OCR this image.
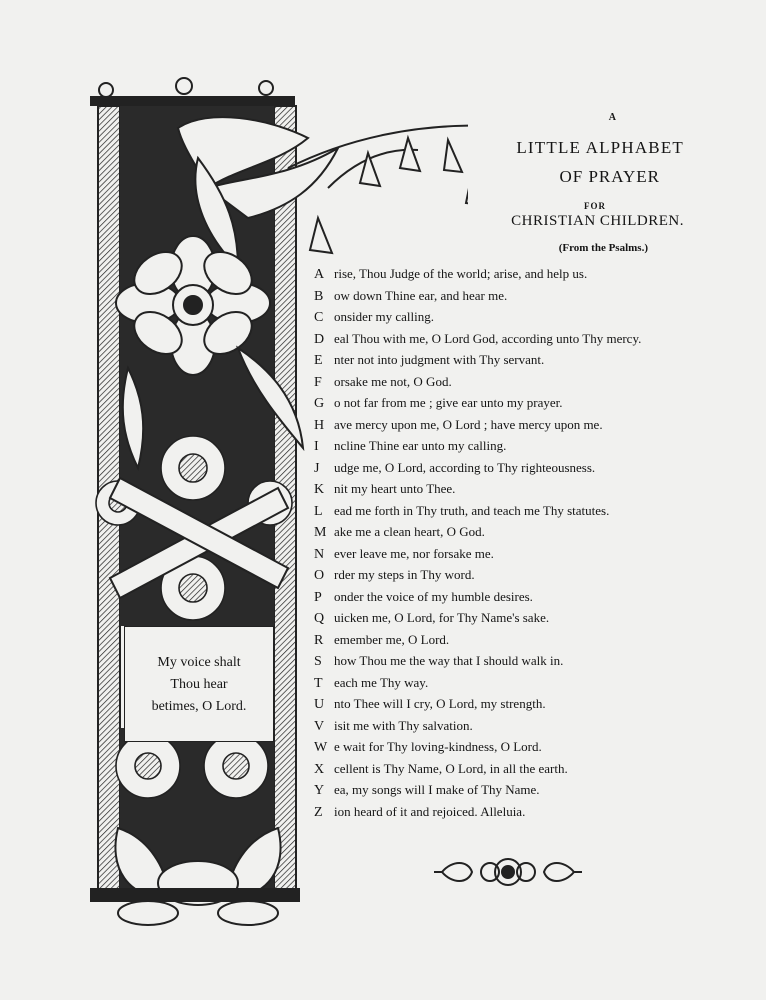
A
LITTLE ALPHABET
OF PRAYER
FOR
CHRISTIAN CHILDREN.
(From the Psalms.)
A rise, Thou Judge of the world; arise, and help us.
B ow down Thine ear, and hear me.
C onsider my calling.
D eal Thou with me, O Lord God, according unto Thy mercy.
E nter not into judgment with Thy servant.
F orsake me not, O God.
G o not far from me ; give ear unto my prayer.
H ave mercy upon me, O Lord ; have mercy upon me.
I ncline Thine ear unto my calling.
J udge me, O Lord, according to Thy righteousness.
K nit my heart unto Thee.
L ead me forth in Thy truth, and teach me Thy statutes.
M ake me a clean heart, O God.
N ever leave me, nor forsake me.
O rder my steps in Thy word.
P onder the voice of my humble desires.
Q uicken me, O Lord, for Thy Name's sake.
R emember me, O Lord.
S how Thou me the way that I should walk in.
T each me Thy way.
U nto Thee will I cry, O Lord, my strength.
V isit me with Thy salvation.
W e wait for Thy loving-kindness, O Lord.
X cellent is Thy Name, O Lord, in all the earth.
Y ea, my songs will I make of Thy Name.
Z ion heard of it and rejoiced. Alleluia.
My voice shalt
Thou hear
betimes, O Lord.
